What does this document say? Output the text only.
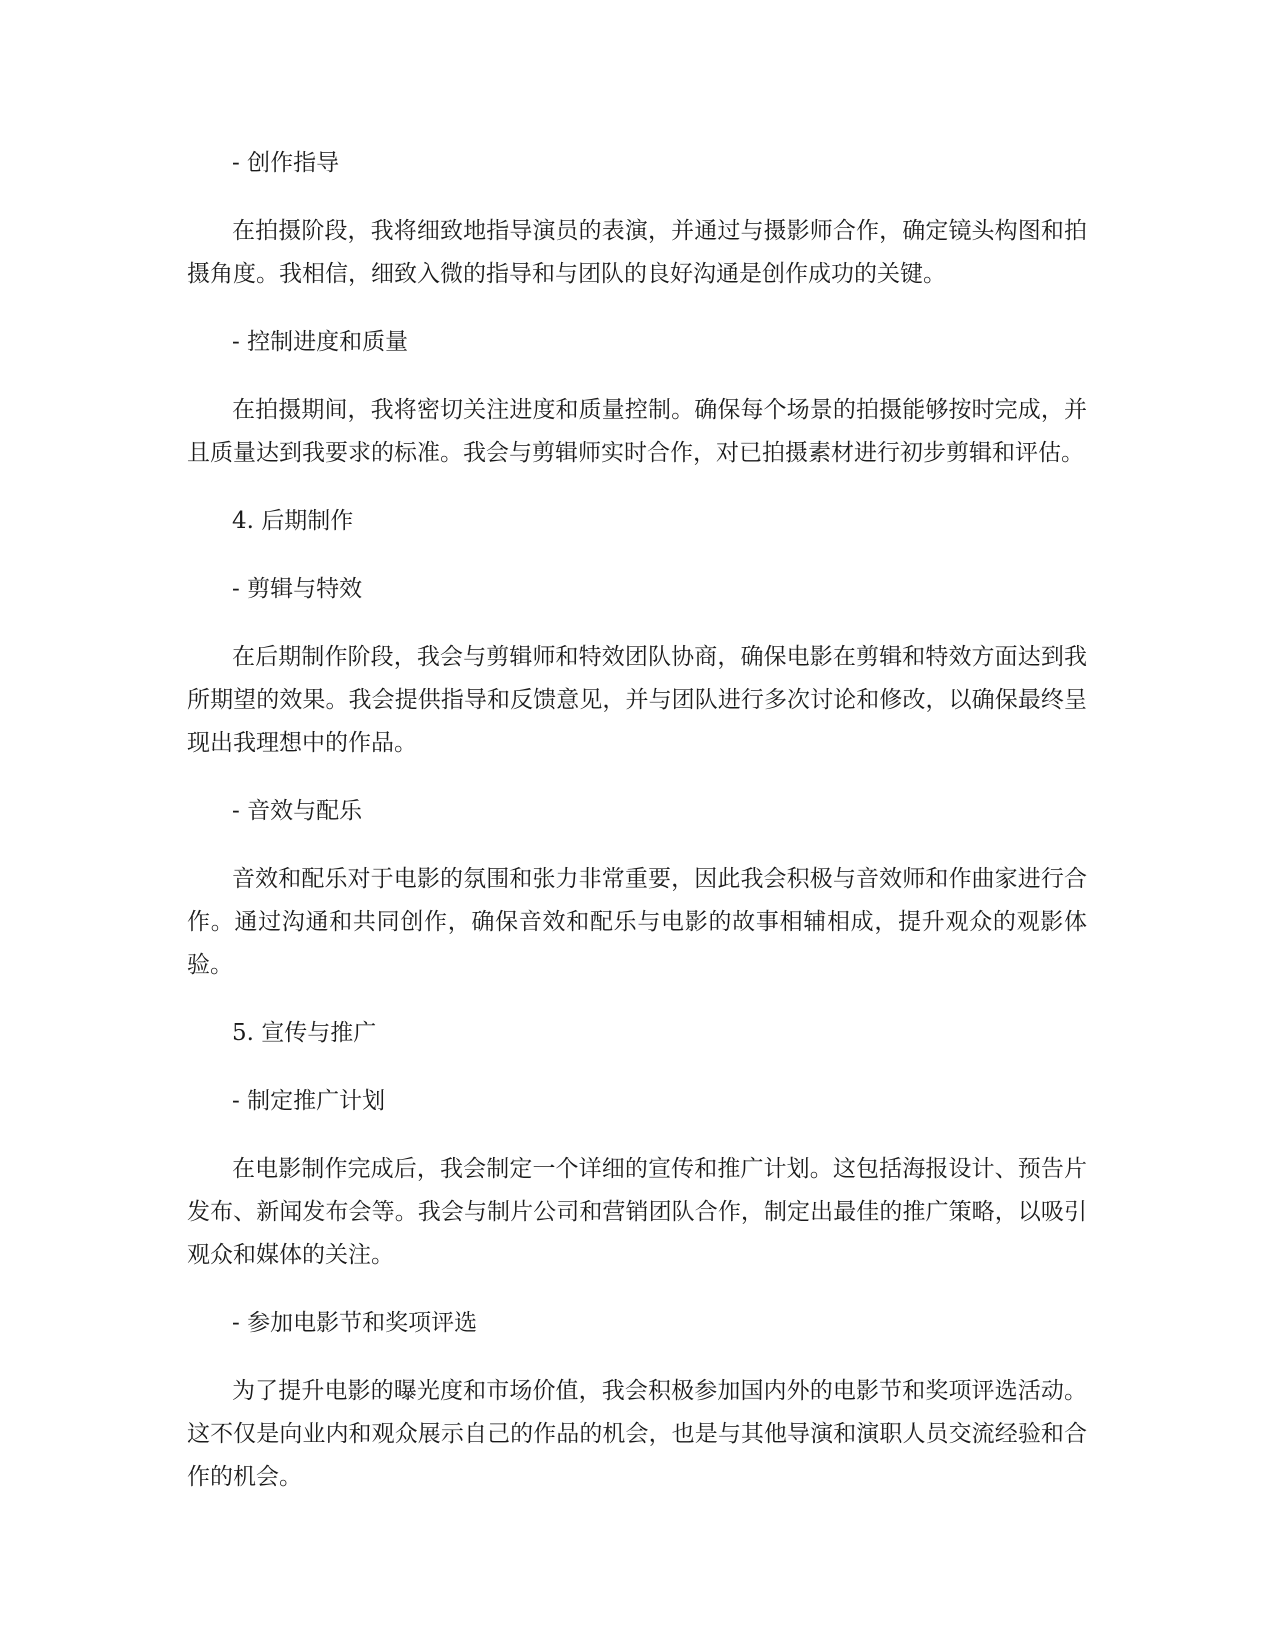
- 创作指导

在拍摄阶段，我将细致地指导演员的表演，并通过与摄影师合作，确定镜头构图和拍摄角度。我相信，细致入微的指导和与团队的良好沟通是创作成功的关键。

- 控制进度和质量

在拍摄期间，我将密切关注进度和质量控制。确保每个场景的拍摄能够按时完成，并且质量达到我要求的标准。我会与剪辑师实时合作，对已拍摄素材进行初步剪辑和评估。

4. 后期制作

- 剪辑与特效

在后期制作阶段，我会与剪辑师和特效团队协商，确保电影在剪辑和特效方面达到我所期望的效果。我会提供指导和反馈意见，并与团队进行多次讨论和修改，以确保最终呈现出我理想中的作品。

- 音效与配乐

音效和配乐对于电影的氛围和张力非常重要，因此我会积极与音效师和作曲家进行合作。通过沟通和共同创作，确保音效和配乐与电影的故事相辅相成，提升观众的观影体验。

5. 宣传与推广

- 制定推广计划

在电影制作完成后，我会制定一个详细的宣传和推广计划。这包括海报设计、预告片发布、新闻发布会等。我会与制片公司和营销团队合作，制定出最佳的推广策略，以吸引观众和媒体的关注。

- 参加电影节和奖项评选

为了提升电影的曝光度和市场价值，我会积极参加国内外的电影节和奖项评选活动。这不仅是向业内和观众展示自己的作品的机会，也是与其他导演和演职人员交流经验和合作的机会。
